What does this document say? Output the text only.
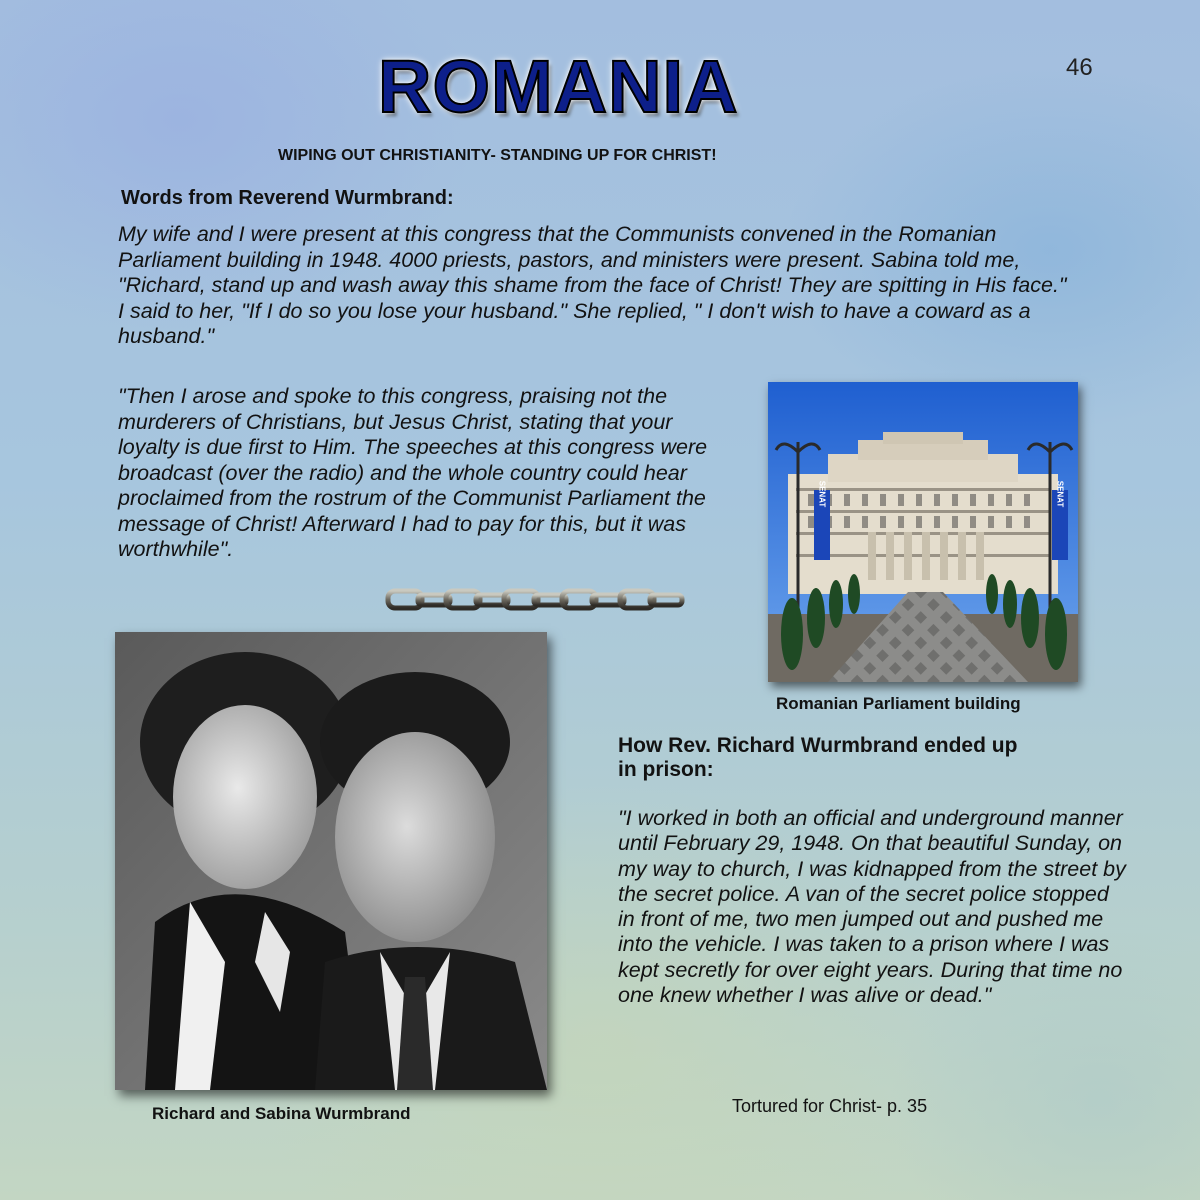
46
ROMANIA
WIPING OUT CHRISTIANITY- STANDING UP FOR CHRIST!
Words from Reverend Wurmbrand:

My wife and I were present at this congress that the Communists convened in the Romanian Parliament building in 1948. 4000 priests, pastors, and ministers were present. Sabina told me, "Richard, stand up and wash away this shame from the face of Christ! They are spitting in His face." I said to her, "If I do so you lose your husband." She replied, " I don't wish to have a coward as a husband."

"Then I arose and spoke to this congress, praising not the murderers of Christians, but Jesus Christ, stating that your loyalty is due first to Him. The speeches at this congress were broadcast (over the radio) and the whole country could hear proclaimed from the rostrum of the Communist Parliament the message of Christ! Afterward I had to pay for this, but it was worthwhile".

SENAT	SENAT
Romanian Parliament building
Richard and Sabina Wurmbrand
How Rev. Richard Wurmbrand ended up in prison:

"I worked in both an official and underground manner until February 29, 1948. On that beautiful Sunday, on my way to church, I was kidnapped from the street by the secret police. A van of the secret police stopped in front of me, two men jumped out and pushed me into the vehicle. I was taken to a prison where I was kept secretly for over eight years. During that time no one knew whether I was alive or dead."

Tortured for Christ- p. 35
